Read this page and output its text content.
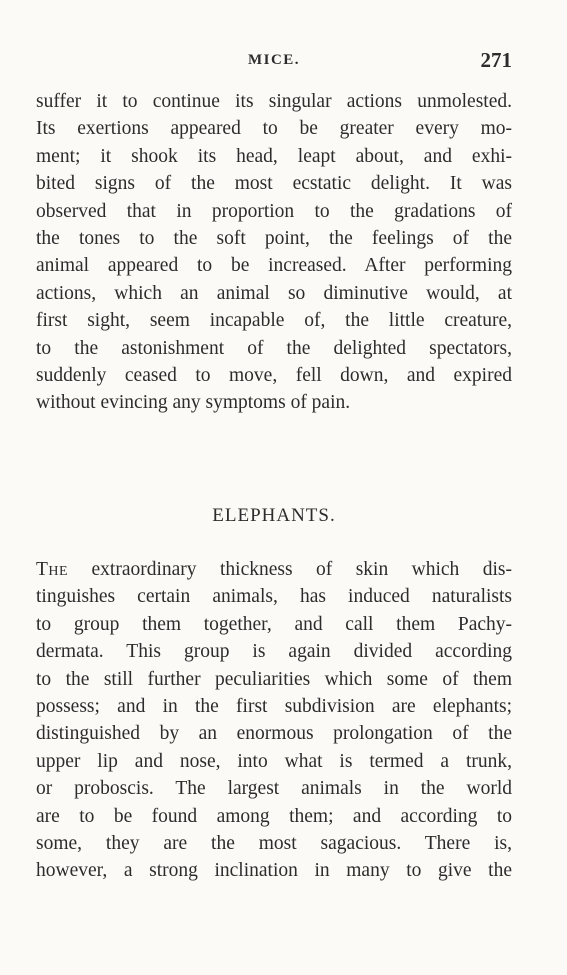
MICE.	271
suffer it to continue its singular actions unmolested.
Its exertions appeared to be greater every mo-
ment; it shook its head, leapt about, and exhi-
bited signs of the most ecstatic delight. It was
observed that in proportion to the gradations of
the tones to the soft point, the feelings of the
animal appeared to be increased. After performing
actions, which an animal so diminutive would, at
first sight, seem incapable of, the little creature,
to the astonishment of the delighted spectators,
suddenly ceased to move, fell down, and expired
without evincing any symptoms of pain.
ELEPHANTS.
The extraordinary thickness of skin which dis-
tinguishes certain animals, has induced naturalists
to group them together, and call them Pachy-
dermata. This group is again divided according
to the still further peculiarities which some of them
possess; and in the first subdivision are elephants;
distinguished by an enormous prolongation of the
upper lip and nose, into what is termed a trunk,
or proboscis. The largest animals in the world
are to be found among them; and according to
some, they are the most sagacious. There is,
however, a strong inclination in many to give the
